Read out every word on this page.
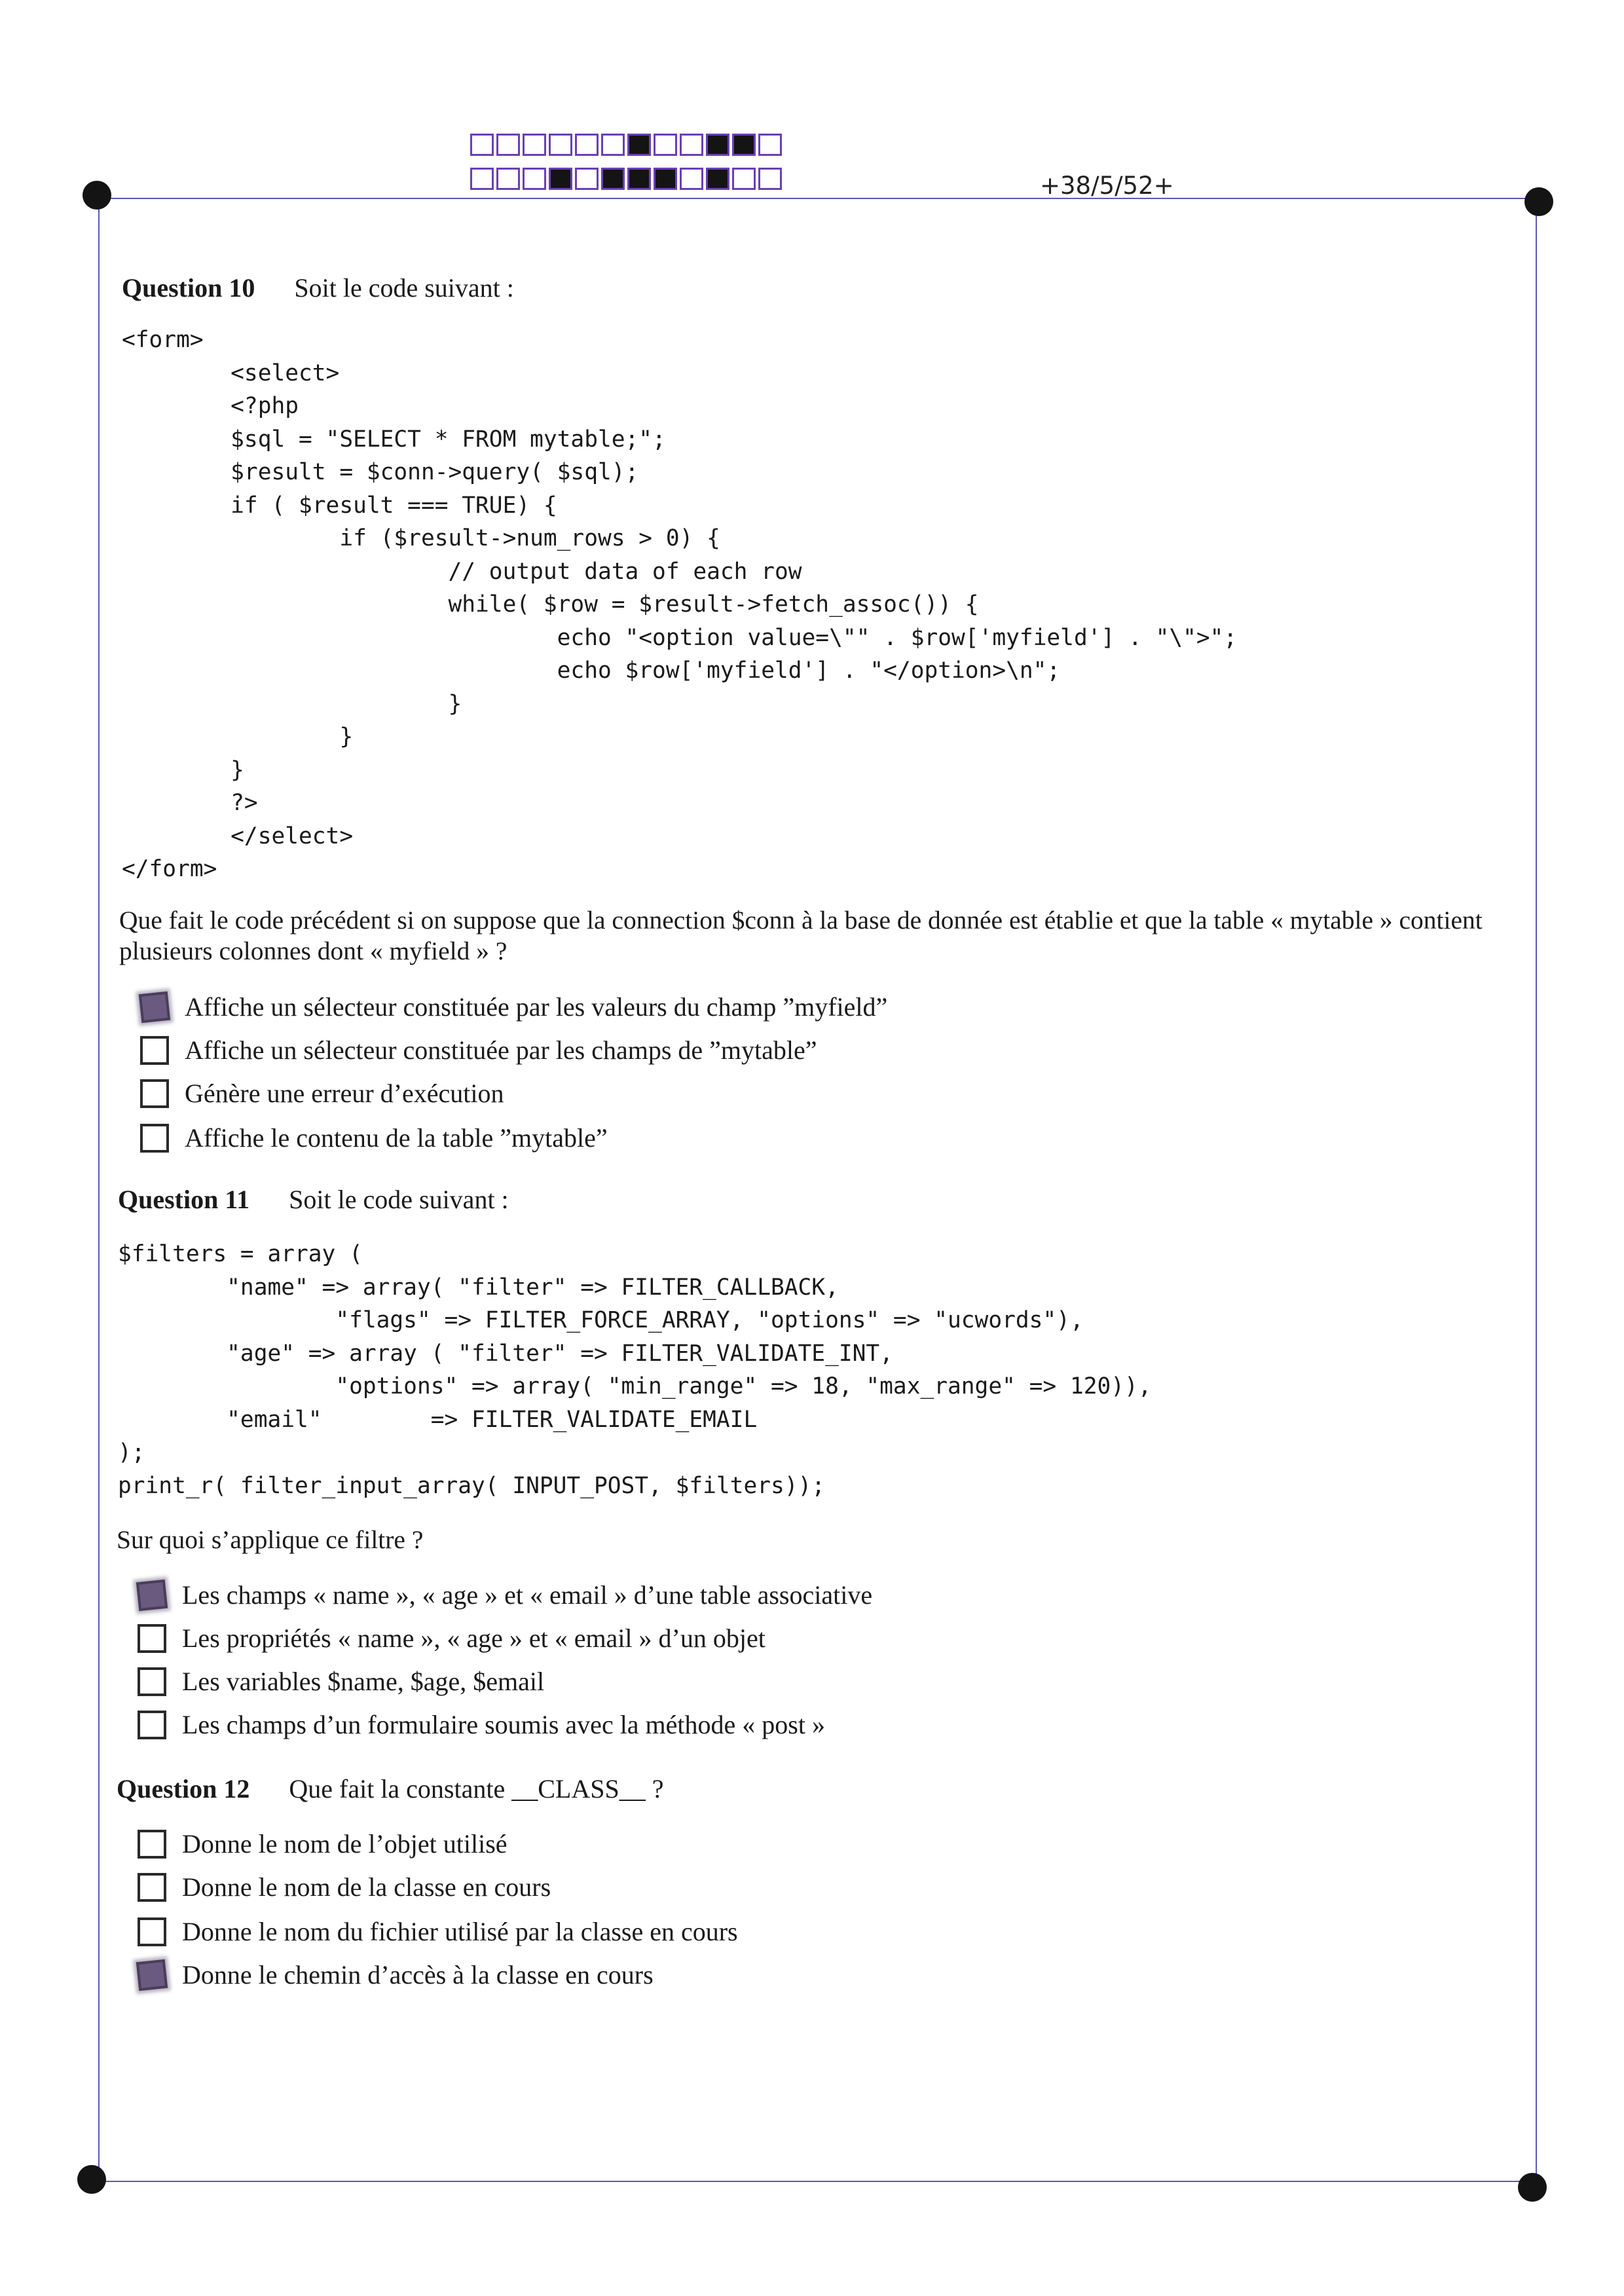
+38/5/52+
Question 10 Soit le code suivant :
<form>
<select>
<?php
$sql = "SELECT * FROM mytable;";
$result = $conn->query( $sql);
if ( $result === TRUE) {
if ($result->num_rows > 0) {
// output data of each row
while( $row = $result->fetch_assoc()) {
echo "<option value=\"" . $row['myfield'] . "\">";
echo $row['myfield'] . "</option>\n";
}
}
}
?>
</select>
</form>
Que fait le code précédent si on suppose que la connection $conn à la base de donnée est établie et que la table « mytable » contient plusieurs colonnes dont « myfield » ?
Affiche un sélecteur constituée par les valeurs du champ ”myfield”
Affiche un sélecteur constituée par les champs de ”mytable”
Génère une erreur d’exécution
Affiche le contenu de la table ”mytable”
Question 11 Soit le code suivant :
$filters = array (
"name" => array( "filter" => FILTER_CALLBACK,
"flags" => FILTER_FORCE_ARRAY, "options" => "ucwords"),
"age" => array ( "filter" => FILTER_VALIDATE_INT,
"options" => array( "min_range" => 18, "max_range" => 120)),
"email"        => FILTER_VALIDATE_EMAIL
);
print_r( filter_input_array( INPUT_POST, $filters));
Sur quoi s’applique ce filtre ?
Les champs « name », « age » et « email » d’une table associative
Les propriétés « name », « age » et « email » d’un objet
Les variables $name, $age, $email
Les champs d’un formulaire soumis avec la méthode « post »
Question 12 Que fait la constante __CLASS__ ?
Donne le nom de l’objet utilisé
Donne le nom de la classe en cours
Donne le nom du fichier utilisé par la classe en cours
Donne le chemin d’accès à la classe en cours
